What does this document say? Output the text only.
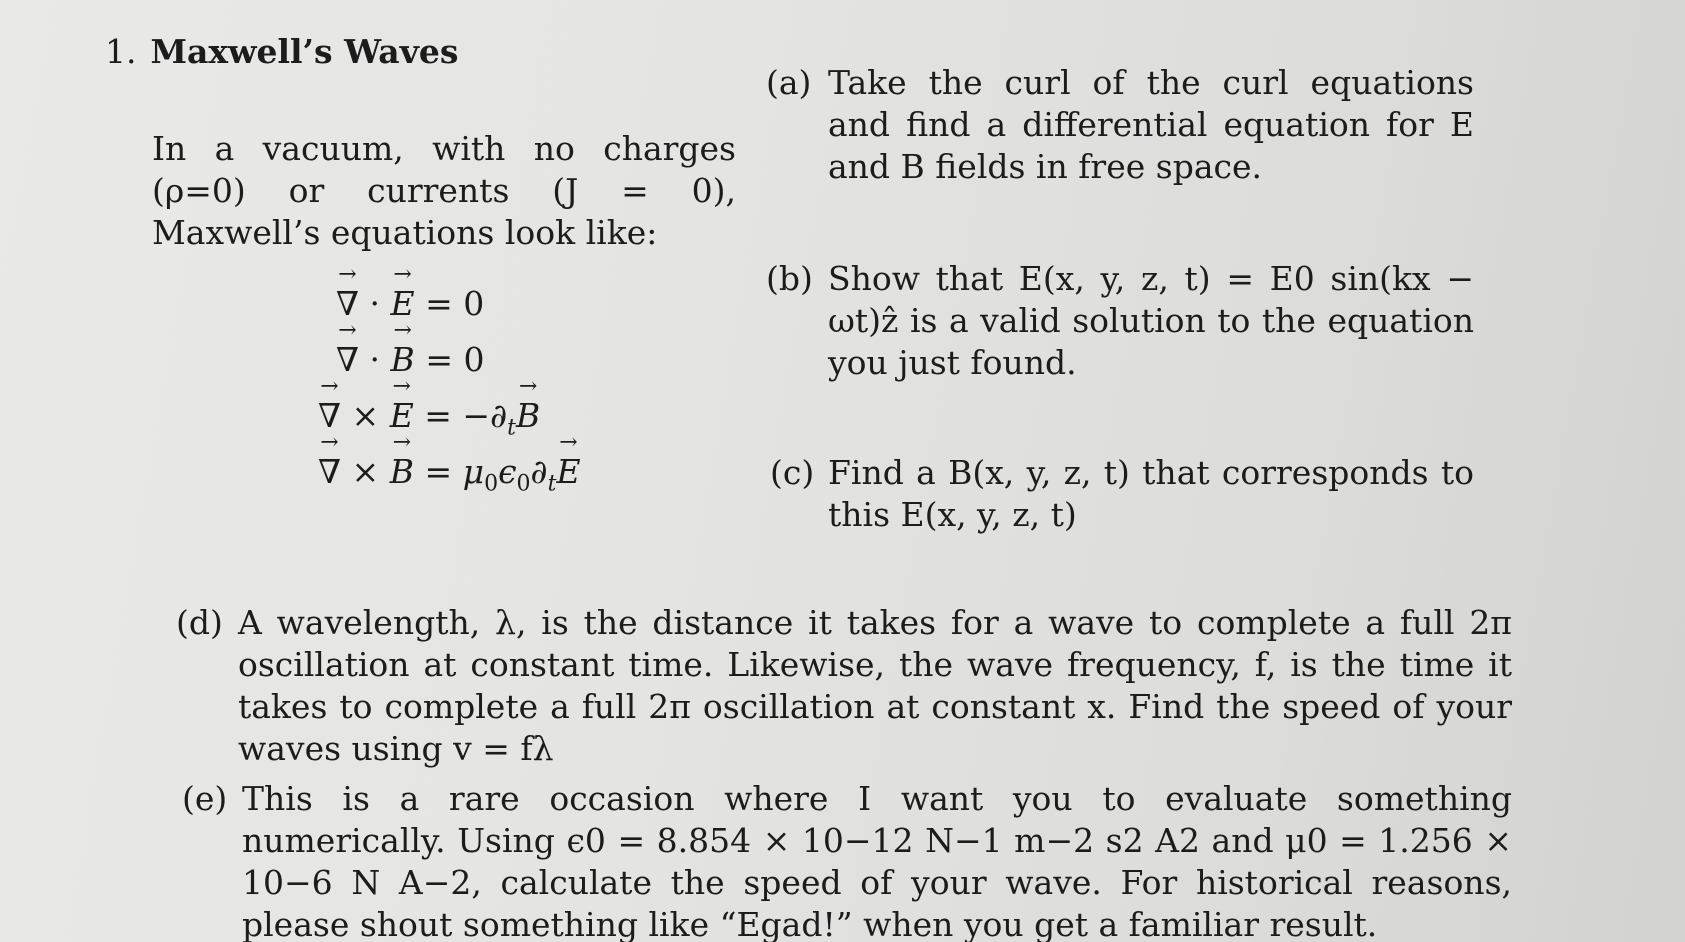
1. Maxwell’s Waves
In a vacuum, with no charges (ρ=0) or currents (J = 0), Maxwell’s equations look like:
→ ∇ · → E = 0
→ ∇ · → B = 0
→ ∇ × → $E = -\partial_t\to B$
→ ∇ × → $B = \mu_0\epsilon_0\partial_t\to E$
(a) Take the curl of the curl equations and find a differential equation for E and B fields in free space.
(b) Show that E(x, y, z, t) = E0 sin(kx − ωt)ẑ is a valid solution to the equation you just found.
(c) Find a B(x, y, z, t) that corresponds to this E(x, y, z, t)
(d) A wavelength, λ, is the distance it takes for a wave to complete a full 2π oscillation at constant time. Likewise, the wave frequency, f, is the time it takes to complete a full 2π oscillation at constant x. Find the speed of your waves using v = fλ
(e) This is a rare occasion where I want you to evaluate something numerically. Using ϵ0 = 8.854 × 10−12 N−1 m−2 s2 A2 and μ0 = 1.256 × 10−6 N A−2, calculate the speed of your wave. For historical reasons, please shout something like “Egad!” when you get a familiar result.
